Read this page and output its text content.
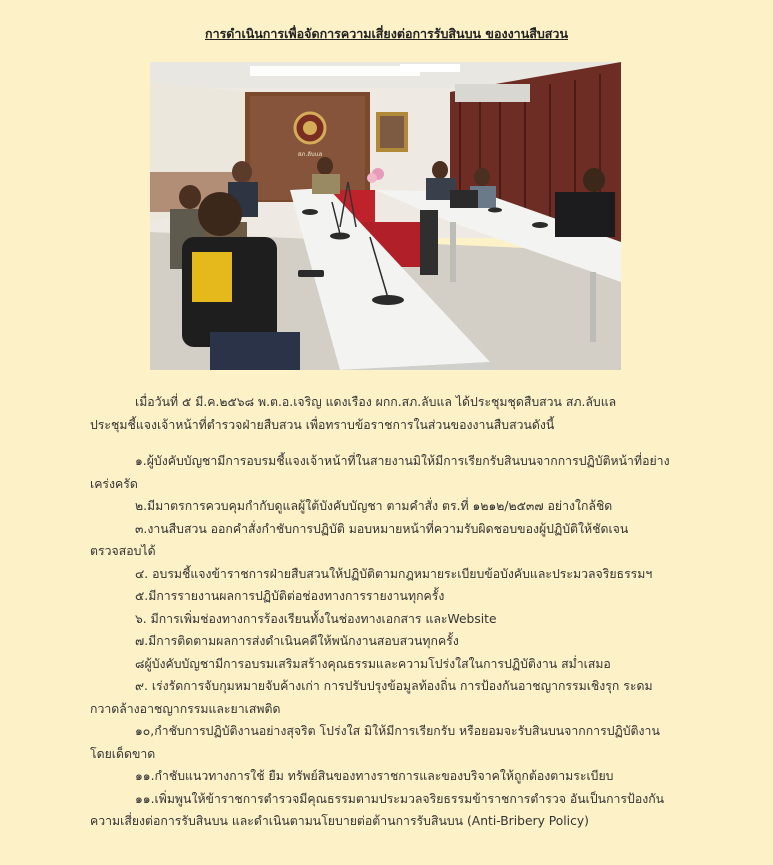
การดำเนินการเพื่อจัดการความเสี่ยงต่อการรับสินบน ของงานสืบสวน
สภ.ลับแล

เมื่อวันที่ ๕ มี.ค.๒๕๖๘ พ.ต.อ.เจริญ แดงเรือง ผกก.สภ.ลับแล ได้ประชุมชุดสืบสวน สภ.ลับแล

ประชุมชี้แจงเจ้าหน้าที่ตำรวจฝ่ายสืบสวน เพื่อทราบข้อราชการในส่วนของงานสืบสวนดังนี้

๑.ผู้บังคับบัญชามีการอบรมชี้แจงเจ้าหน้าที่ในสายงานมิให้มีการเรียกรับสินบนจากการปฏิบัติหน้าที่อย่าง

เคร่งครัด

๒.มีมาตรการควบคุมกำกับดูแลผู้ใต้บังคับบัญชา ตามคำสั่ง ตร.ที่ ๑๒๑๒/๒๕๓๗ อย่างใกล้ชิด

๓.งานสืบสวน ออกคำสั่งกำชับการปฏิบัติ มอบหมายหน้าที่ความรับผิดชอบของผู้ปฏิบัติให้ชัดเจน

ตรวจสอบได้

๔. อบรมชี้แจงข้าราชการฝ่ายสืบสวนให้ปฏิบัติตามกฎหมายระเบียบข้อบังคับและประมวลจริยธรรมฯ

๕.มีการรายงานผลการปฏิบัติต่อช่องทางการรายงานทุกครั้ง

๖. มีการเพิ่มช่องทางการร้องเรียนทั้งในช่องทางเอกสาร และWebsite

๗.มีการติดตามผลการส่งดำเนินคดีให้พนักงานสอบสวนทุกครั้ง

๘ผู้บังคับบัญชามีการอบรมเสริมสร้างคุณธรรมและความโปร่งใสในการปฏิบัติงาน สม่ำเสมอ

๙. เร่งรัดการจับกุมหมายจับค้างเก่า การปรับปรุงข้อมูลท้องถิ่น การป้องกันอาชญากรรมเชิงรุก ระดม

กวาดล้างอาชญากรรมและยาเสพติด

๑๐,กำชับการปฏิบัติงานอย่างสุจริต โปร่งใส มิให้มีการเรียกรับ หรือยอมจะรับสินบนจากการปฏิบัติงาน

โดยเด็ดขาด

๑๑.กำชับแนวทางการใช้ ยืม ทรัพย์สินของทางราชการและของบริจาคให้ถูกต้องตามระเบียบ

๑๑.เพิ่มพูนให้ข้าราชการตำรวจมีคุณธรรมตามประมวลจริยธรรมข้าราชการตำรวจ อันเป็นการป้องกัน

ความเสี่ยงต่อการรับสินบน และดำเนินตามนโยบายต่อต้านการรับสินบน (Anti-Bribery Policy)
